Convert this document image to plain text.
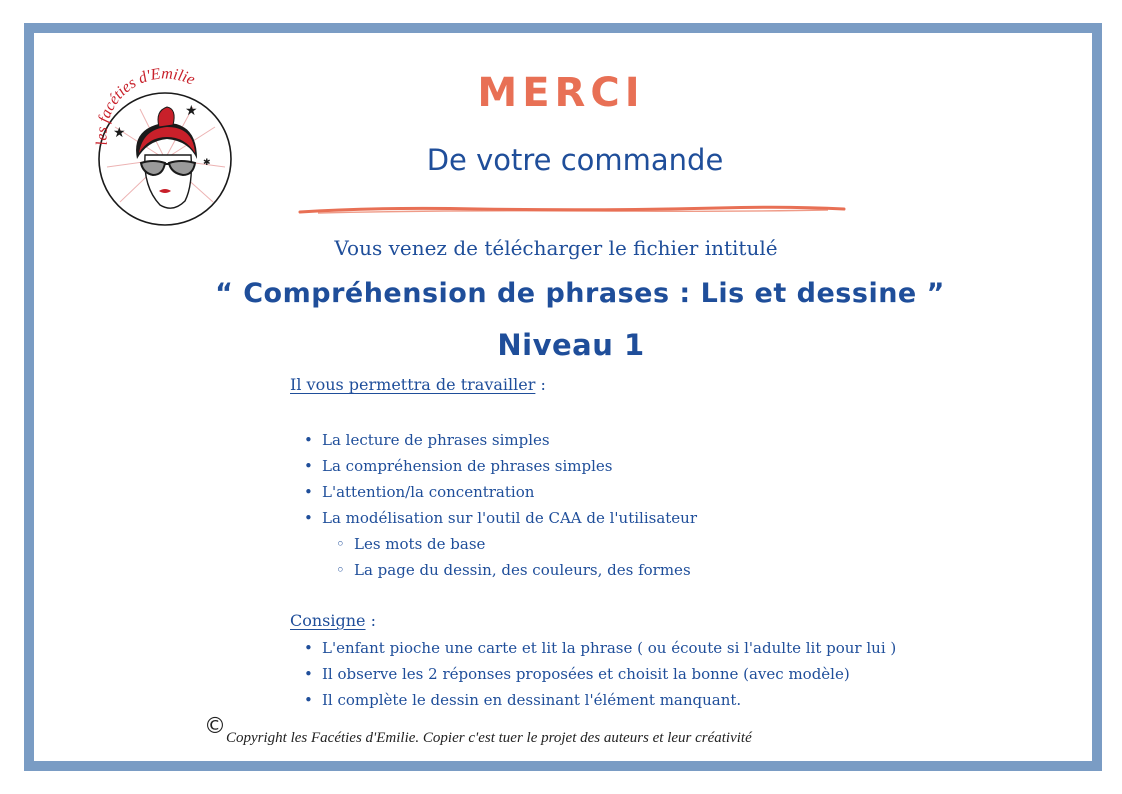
★
★
✱
les facéties d'Emilie	MERCI
De votre commande
Vous venez de télécharger le fichier intitulé
“ Compréhension de phrases : Lis et dessine ”
Niveau 1
Il vous permettra de travailler :
• La lecture de phrases simples
• La compréhension de phrases simples
• L'attention/la concentration
• La modélisation sur l'outil de CAA de l'utilisateur
◦ Les mots de base
◦ La page du dessin, des couleurs, des formes
Consigne :
• L'enfant pioche une carte et lit la phrase ( ou écoute si l'adulte lit pour lui )
• Il observe les 2 réponses proposées et choisit la bonne (avec modèle)
• Il complète le dessin en dessinant l'élément manquant.
© Copyright les Facéties d'Emilie. Copier c'est tuer le projet des auteurs et leur créativité
